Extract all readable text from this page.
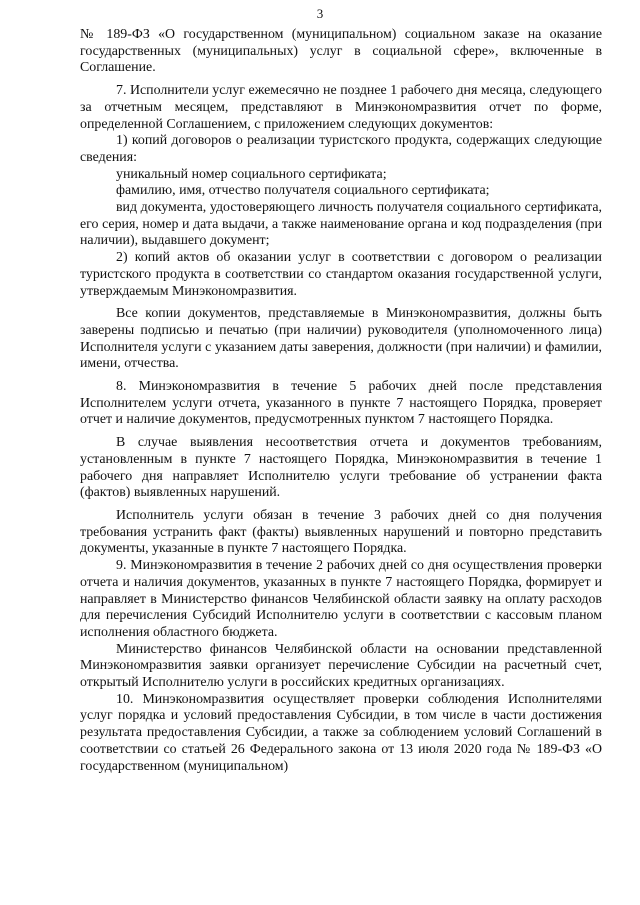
3

№ 189-ФЗ «О государственном (муниципальном) социальном заказе на оказание государственных (муниципальных) услуг в социальной сфере», включенные в Соглашение.

7. Исполнители услуг ежемесячно не позднее 1 рабочего дня месяца, следующего за отчетным месяцем, представляют в Минэкономразвития отчет по форме, определенной Соглашением, с приложением следующих документов:

1) копий договоров о реализации туристского продукта, содержащих следующие сведения:

уникальный номер социального сертификата;

фамилию, имя, отчество получателя социального сертификата;

вид документа, удостоверяющего личность получателя социального сертификата, его серия, номер и дата выдачи, а также наименование органа и код подразделения (при наличии), выдавшего документ;

2) копий актов об оказании услуг в соответствии с договором о реализации туристского продукта в соответствии со стандартом оказания государственной услуги, утверждаемым Минэкономразвития.

Все копии документов, представляемые в Минэкономразвития, должны быть заверены подписью и печатью (при наличии) руководителя (уполномоченного лица) Исполнителя услуги с указанием даты заверения, должности (при наличии) и фамилии, имени, отчества.

8. Минэкономразвития в течение 5 рабочих дней после представления Исполнителем услуги отчета, указанного в пункте 7 настоящего Порядка, проверяет отчет и наличие документов, предусмотренных пунктом 7 настоящего Порядка.

В случае выявления несоответствия отчета и документов требованиям, установленным в пункте 7 настоящего Порядка, Минэкономразвития в течение 1 рабочего дня направляет Исполнителю услуги требование об устранении факта (фактов) выявленных нарушений.

Исполнитель услуги обязан в течение 3 рабочих дней со дня получения требования устранить факт (факты) выявленных нарушений и повторно представить документы, указанные в пункте 7 настоящего Порядка.

9. Минэкономразвития в течение 2 рабочих дней со дня осуществления проверки отчета и наличия документов, указанных в пункте 7 настоящего Порядка, формирует и направляет в Министерство финансов Челябинской области заявку на оплату расходов для перечисления Субсидий Исполнителю услуги в соответствии с кассовым планом исполнения областного бюджета.

Министерство финансов Челябинской области на основании представленной Минэкономразвития заявки организует перечисление Субсидии на расчетный счет, открытый Исполнителю услуги в российских кредитных организациях.

10. Минэкономразвития осуществляет проверки соблюдения Исполнителями услуг порядка и условий предоставления Субсидии, в том числе в части достижения результата предоставления Субсидии, а также за соблюдением условий Соглашений в соответствии со статьей 26 Федерального закона от 13 июля 2020 года № 189-ФЗ «О государственном (муниципальном)
